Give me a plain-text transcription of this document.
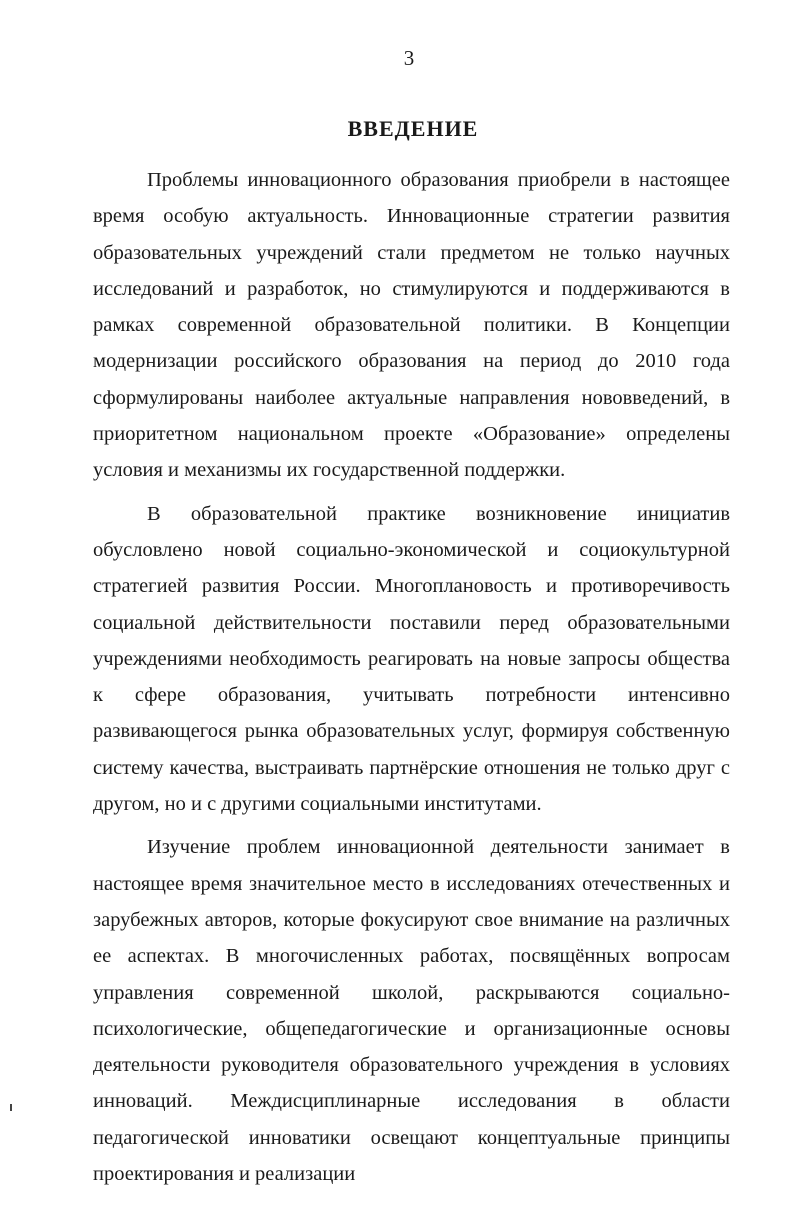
3
ВВЕДЕНИЕ

Проблемы инновационного образования приобрели в настоящее время особую актуальность. Инновационные стратегии развития образовательных учреждений стали предметом не только научных исследований и разработок, но стимулируются и поддерживаются в рамках современной образовательной политики. В Концепции модернизации российского образования на период до 2010 года сформулированы наиболее актуальные направления нововведений, в приоритетном национальном проекте «Образование» определены условия и механизмы их государственной поддержки.

В образовательной практике возникновение инициатив обусловлено новой социально-экономической и социокультурной стратегией развития России. Многоплановость и противоречивость социальной действительности поставили перед образовательными учреждениями необходимость реагировать на новые запросы общества к сфере образования, учитывать потребности интенсивно развивающегося рынка образовательных услуг, формируя собственную систему качества, выстраивать партнёрские отношения не только друг с другом, но и с другими социальными институтами.

Изучение проблем инновационной деятельности занимает в настоящее время значительное место в исследованиях отечественных и зарубежных авторов, которые фокусируют свое внимание на различных ее аспектах. В многочисленных работах, посвящённых вопросам управления современной школой, раскрываются социально-психологические, общепедагогические и организационные основы деятельности руководителя образовательного учреждения в условиях инноваций. Междисциплинарные исследования в области педагогической инноватики освещают концептуальные принципы проектирования и реализации
